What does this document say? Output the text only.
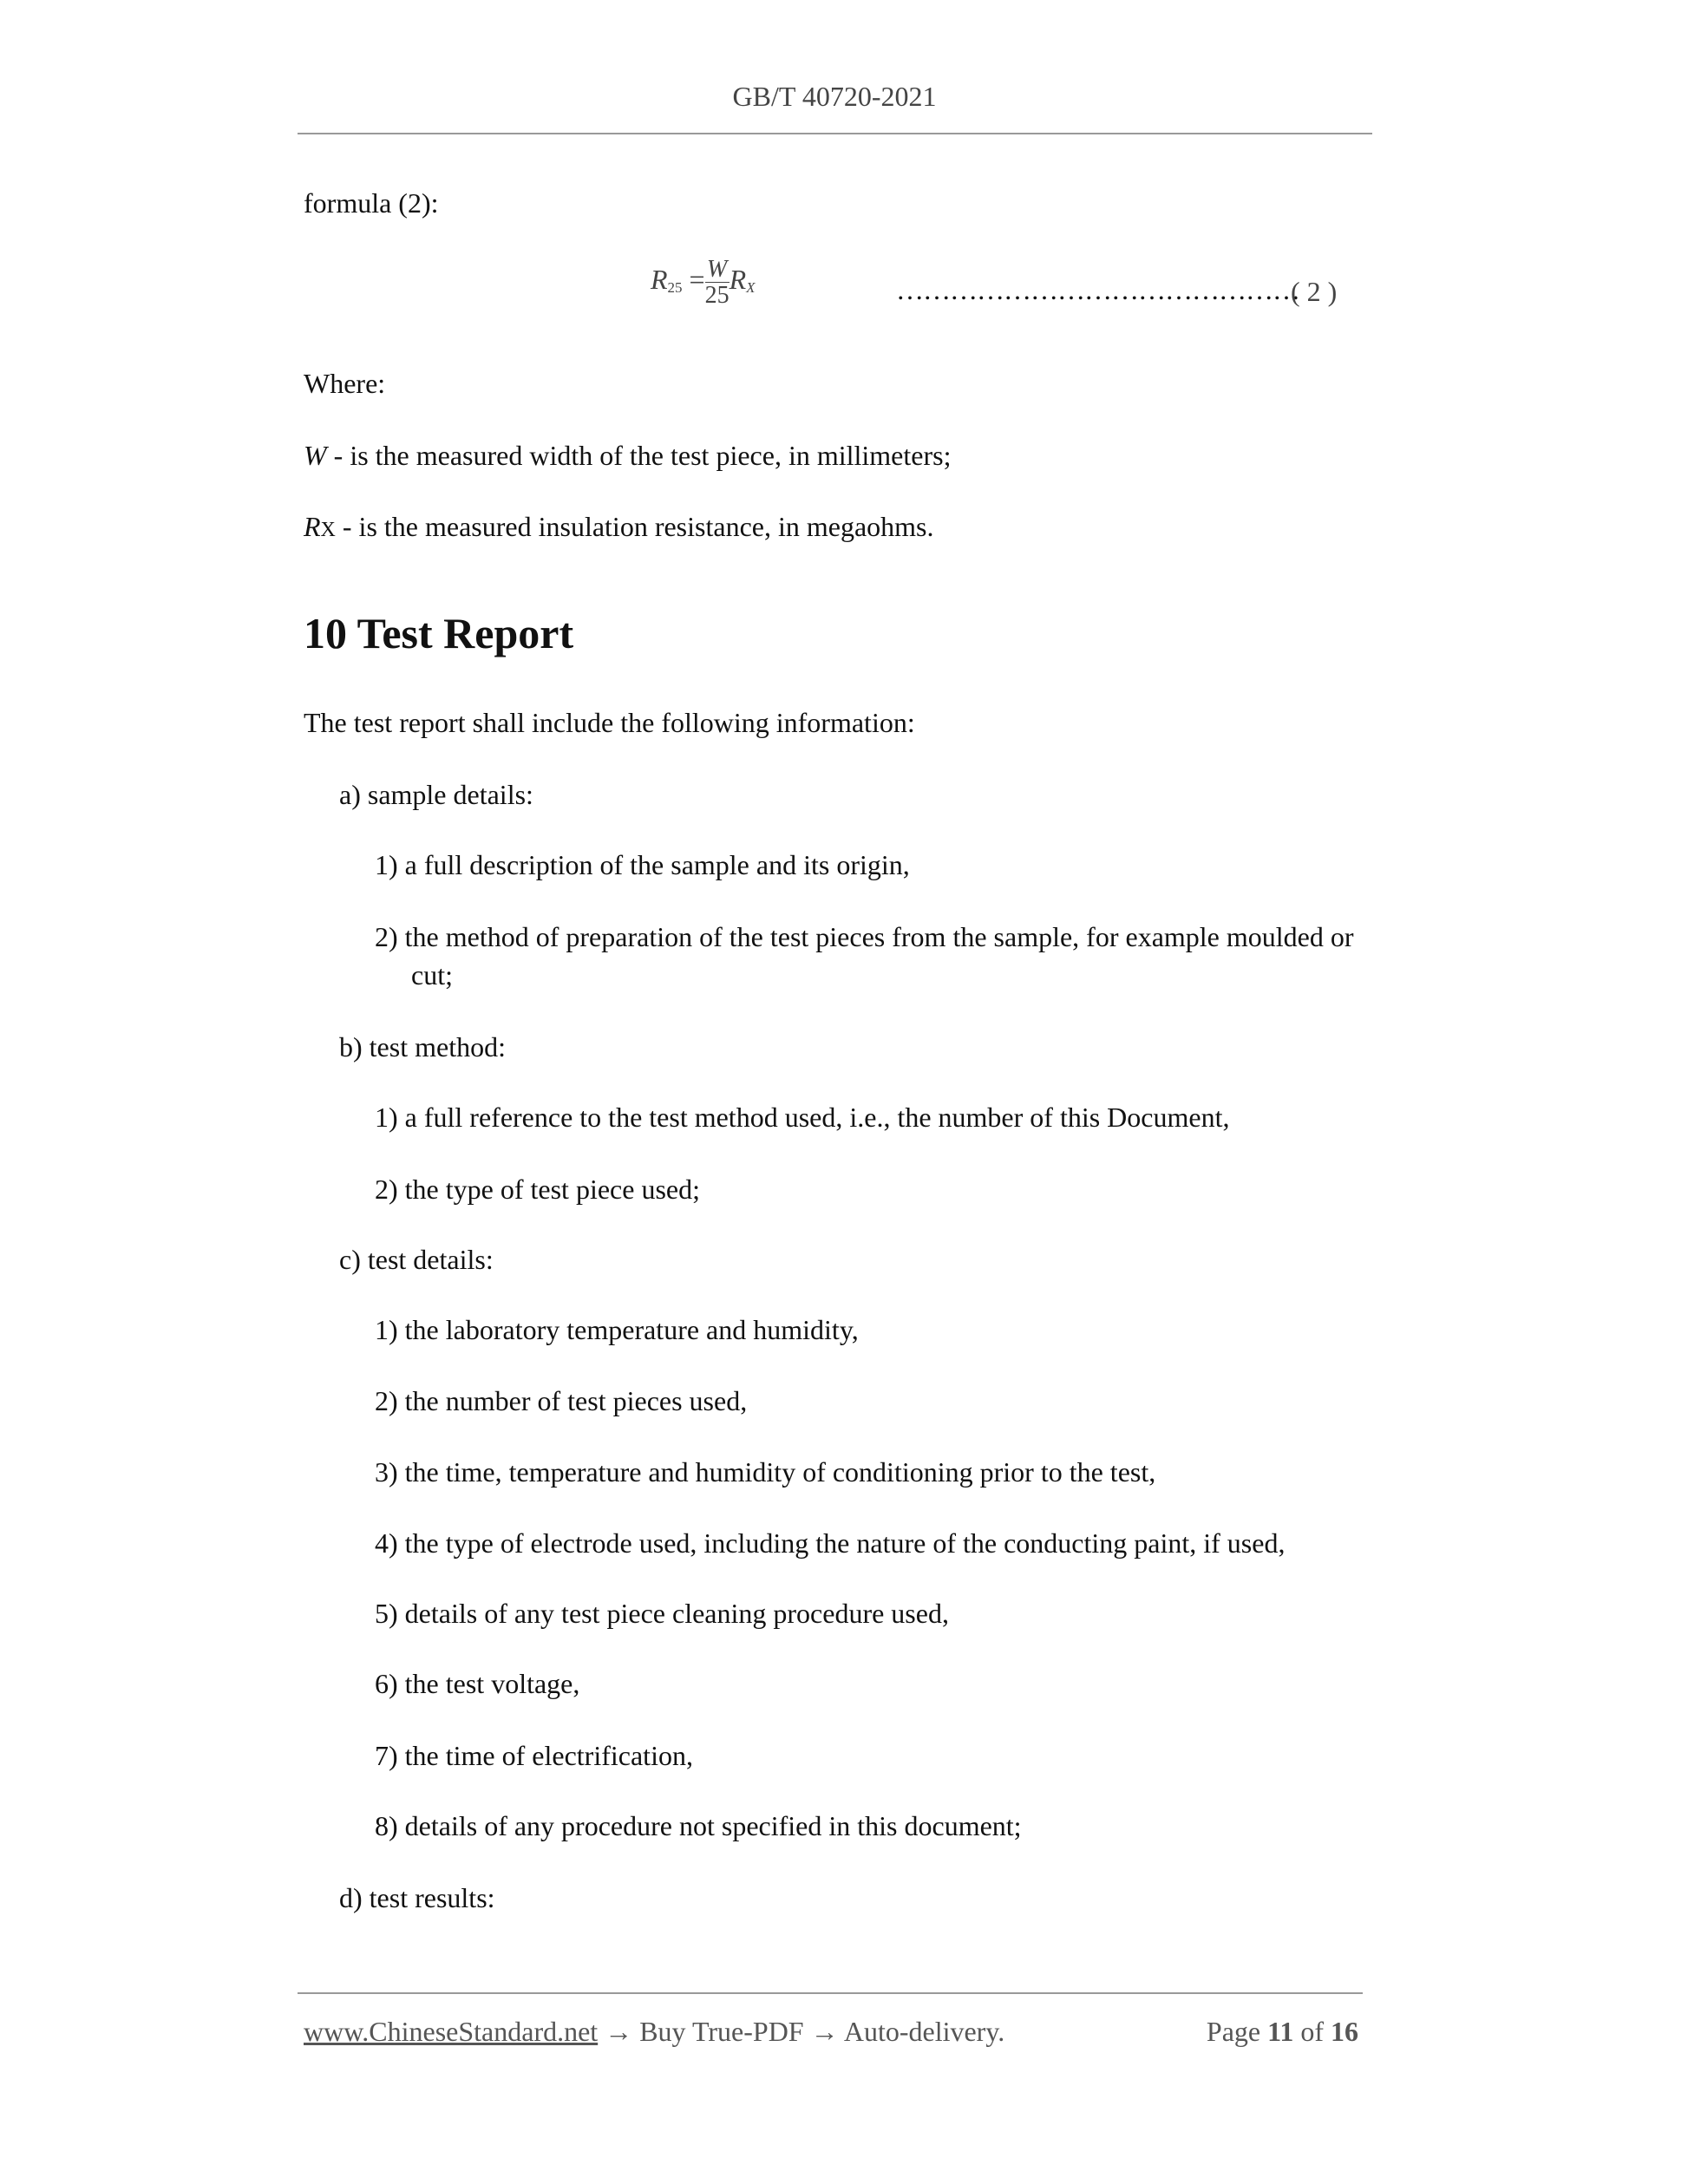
GB/T 40720-2021
formula (2):
$R_{25} = \frac{W}{25} R_X$	………………………………………
( 2 )
Where:
W - is the measured width of the test piece, in millimeters;
RX - is the measured insulation resistance, in megaohms.
10 Test Report
The test report shall include the following information:
a) sample details:
1) a full description of the sample and its origin,
2) the method of preparation of the test pieces from the sample, for example moulded or
cut;
b) test method:
1) a full reference to the test method used, i.e., the number of this Document,
2) the type of test piece used;
c) test details:
1) the laboratory temperature and humidity,
2) the number of test pieces used,
3) the time, temperature and humidity of conditioning prior to the test,
4) the type of electrode used, including the nature of the conducting paint, if used,
5) details of any test piece cleaning procedure used,
6) the test voltage,
7) the time of electrification,
8) details of any procedure not specified in this document;
d) test results:
www.ChineseStandard.net → Buy True-PDF → Auto-delivery.	Page 11 of 16
